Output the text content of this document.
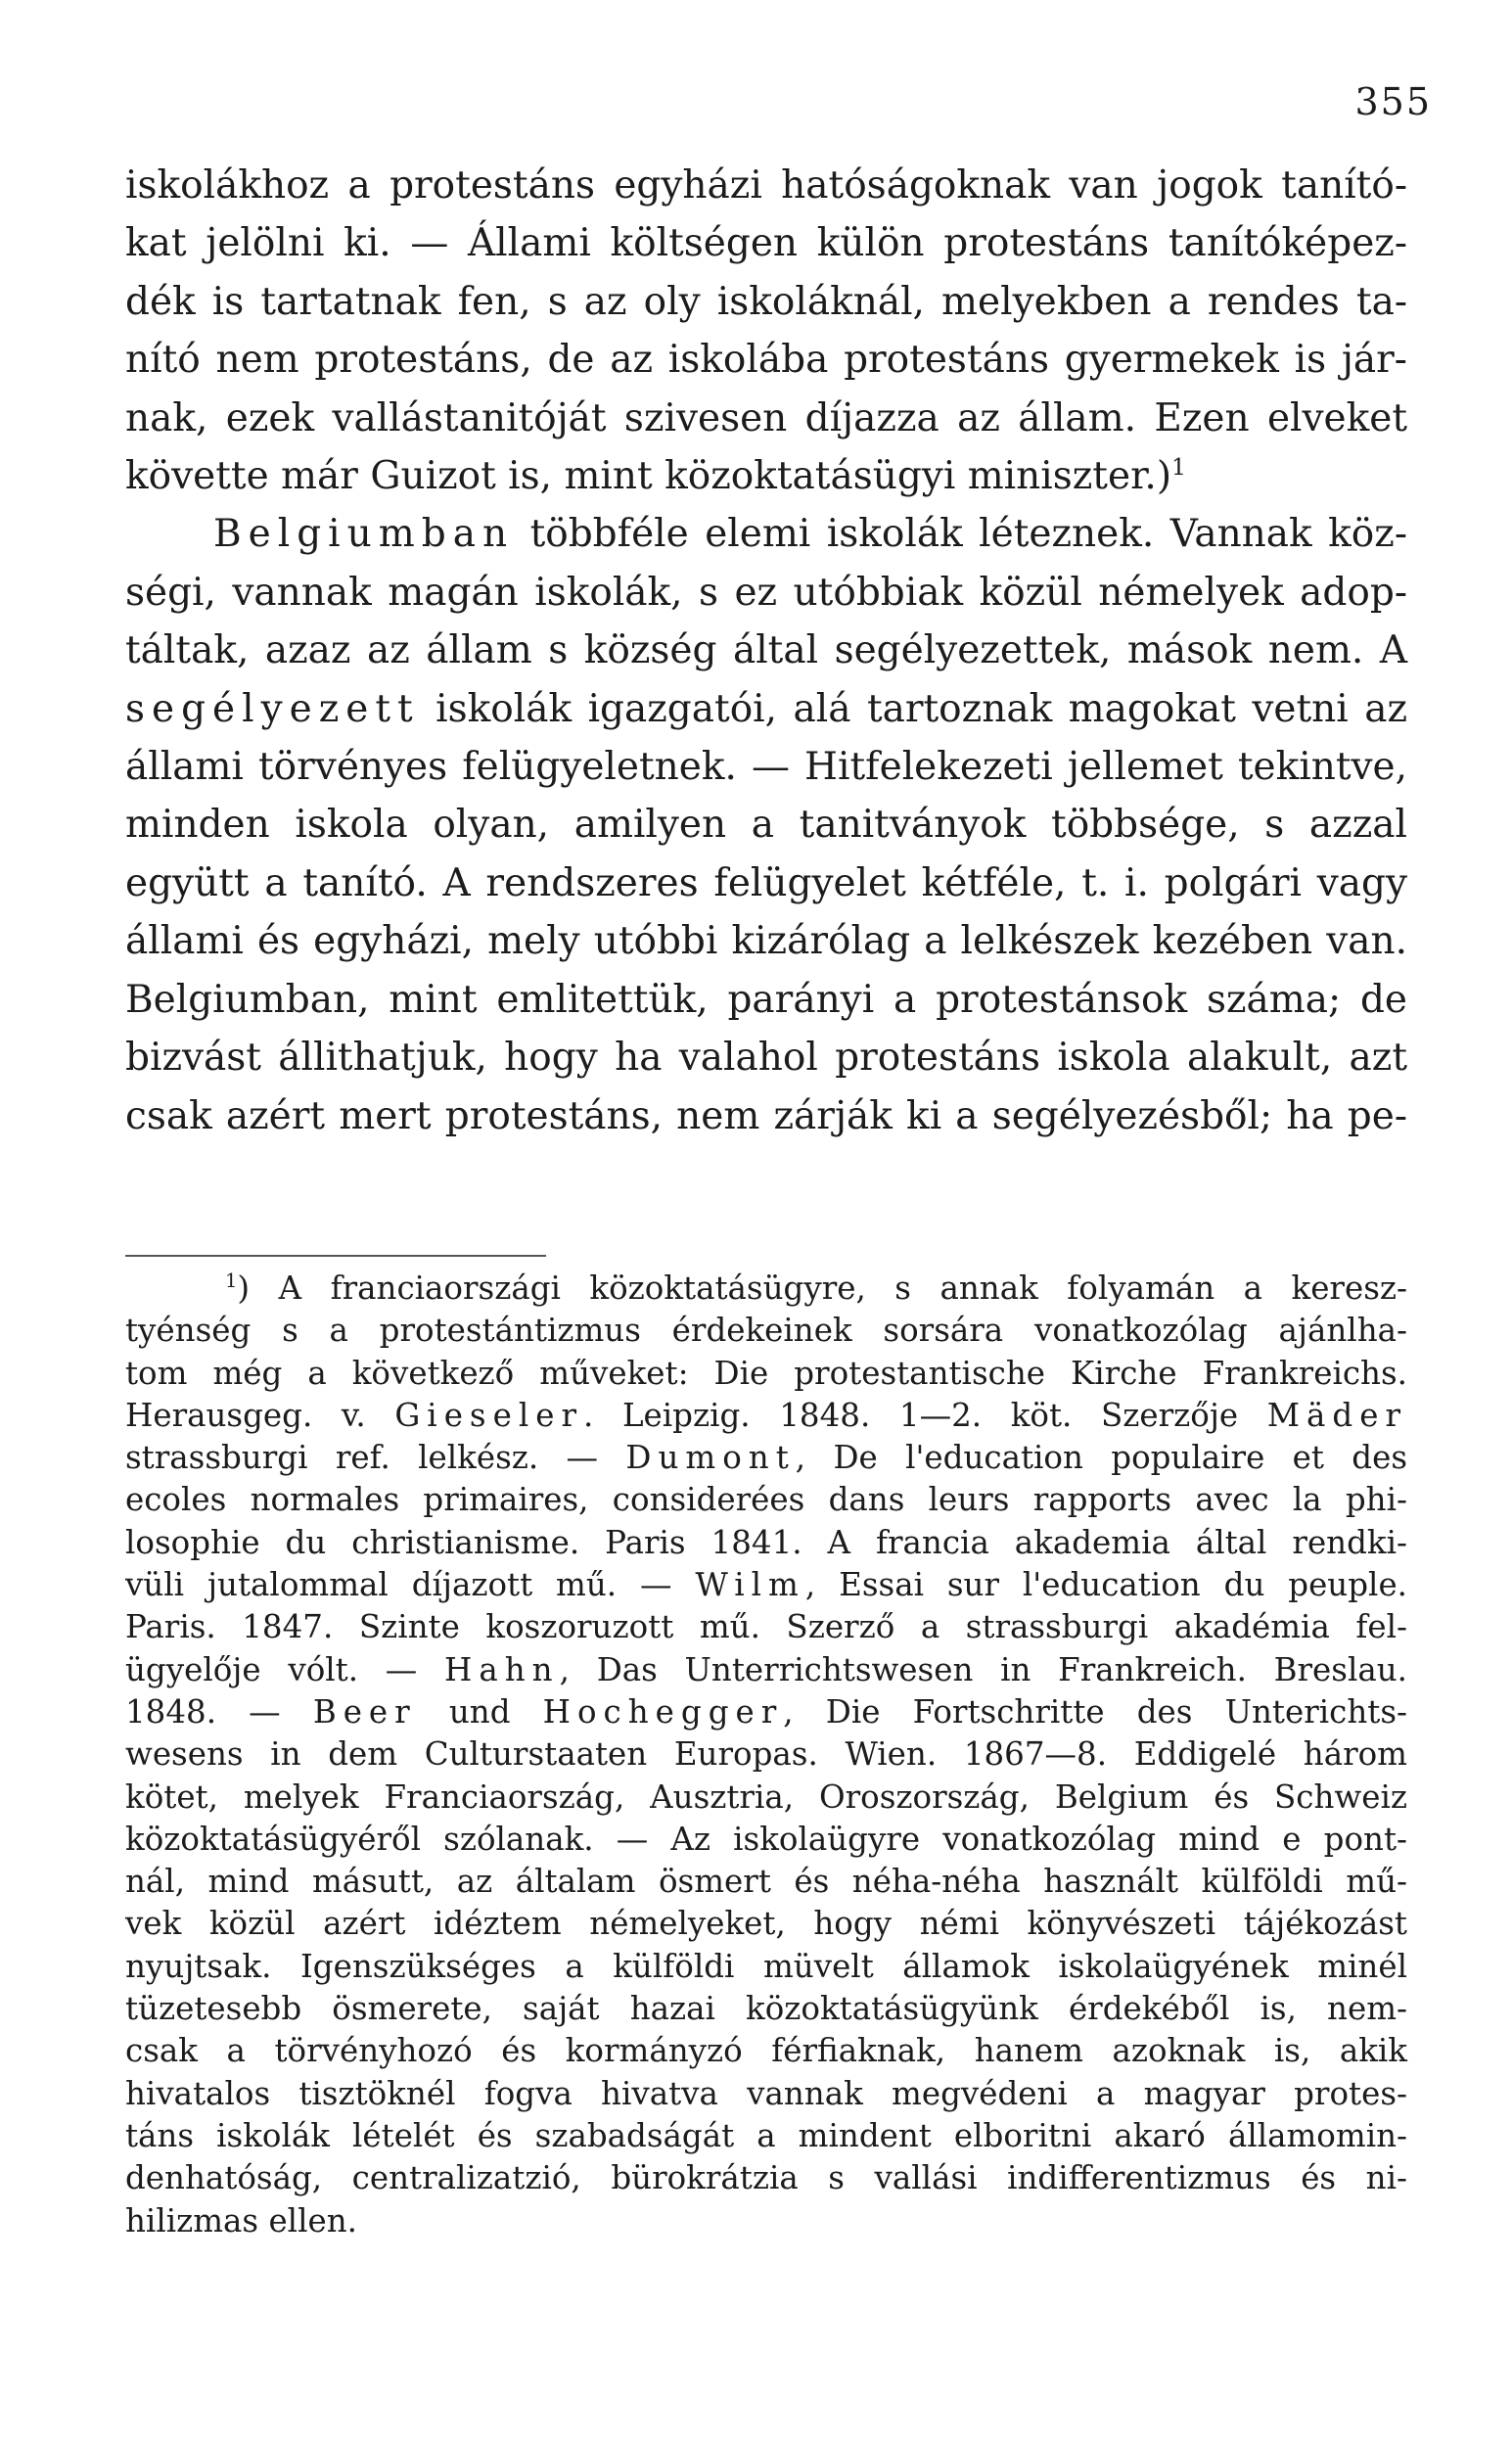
355
iskolákhoz a protestáns egyházi hatóságoknak van jogok tanító-
kat jelölni ki. — Állami költségen külön protestáns tanítóképez-
dék is tartatnak fen, s az oly iskoláknál, melyekben a rendes ta-
nító nem protestáns, de az iskolába protestáns gyermekek is jár-
nak, ezek vallástanitóját szivesen díjazza az állam. Ezen elveket
követte már Guizot is, mint közoktatásügyi miniszter.)$^1$
Belgiumban többféle elemi iskolák léteznek. Vannak köz-
ségi, vannak magán iskolák, s ez utóbbiak közül némelyek adop-
táltak, azaz az állam s község által segélyezettek, mások nem. A
segélyezett iskolák igazgatói, alá tartoznak magokat vetni az
állami törvényes felügyeletnek. — Hitfelekezeti jellemet tekintve,
minden iskola olyan, amilyen a tanitványok többsége, s azzal
együtt a tanító. A rendszeres felügyelet kétféle, t. i. polgári vagy
állami és egyházi, mely utóbbi kizárólag a lelkészek kezében van.
Belgiumban, mint emlitettük, parányi a protestánsok száma; de
bizvást állithatjuk, hogy ha valahol protestáns iskola alakult, azt
csak azért mert protestáns, nem zárják ki a segélyezésből; ha pe-
$^1$) A franciaországi közoktatásügyre, s annak folyamán a keresz-
tyénség s a protestántizmus érdekeinek sorsára vonatkozólag ajánlha-
tom még a következő műveket: Die protestantische Kirche Frankreichs.
Herausgeg. v. Gieseler. Leipzig. 1848. 1—2. köt. Szerzője Mäder
strassburgi ref. lelkész. — Dumont, De l'education populaire et des
ecoles normales primaires, considerées dans leurs rapports avec la phi-
losophie du christianisme. Paris 1841. A francia akademia által rendki-
vüli jutalommal díjazott mű. — Wilm, Essai sur l'education du peuple.
Paris. 1847. Szinte koszoruzott mű. Szerző a strassburgi akadémia fel-
ügyelője vólt. — Hahn, Das Unterrichtswesen in Frankreich. Breslau.
1848. — Beer und Hochegger, Die Fortschritte des Unterichts-
wesens in dem Culturstaaten Europas. Wien. 1867—8. Eddigelé három
kötet, melyek Franciaország, Ausztria, Oroszország, Belgium és Schweiz
közoktatásügyéről szólanak. — Az iskolaügyre vonatkozólag mind e pont-
nál, mind másutt, az általam ösmert és néha-néha használt külföldi mű-
vek közül azért idéztem némelyeket, hogy némi könyvészeti tájékozást
nyujtsak. Igenszükséges a külföldi müvelt államok iskolaügyének minél
tüzetesebb ösmerete, saját hazai közoktatásügyünk érdekéből is, nem-
csak a törvényhozó és kormányzó férfiaknak, hanem azoknak is, akik
hivatalos tisztöknél fogva hivatva vannak megvédeni a magyar protes-
táns iskolák lételét és szabadságát a mindent elboritni akaró államomin-
denhatóság, centralizatzió, bürokrátzia s vallási indifferentizmus és ni-
hilizmas ellen.
